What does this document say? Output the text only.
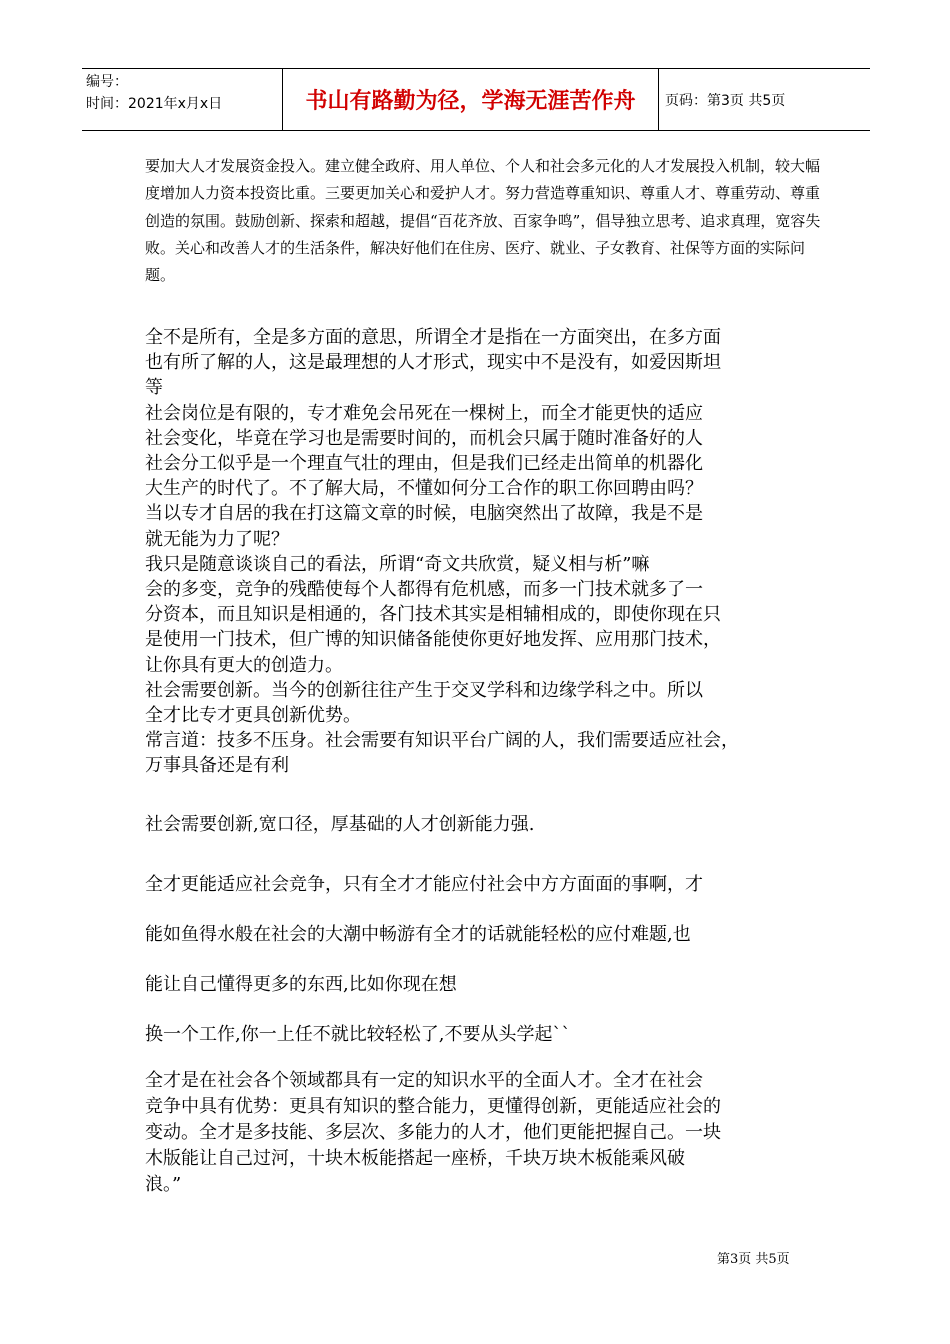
编号：
时间：2021年x月x日	书山有路勤为径，学海无涯苦作舟	页码：第3页 共5页

要加大人才发展资金投入。建立健全政府、用人单位、个人和社会多元化的人才发展投入机制，较大幅度增加人力资本投资比重。三要更加关心和爱护人才。努力营造尊重知识、尊重人才、尊重劳动、尊重创造的氛围。鼓励创新、探索和超越，提倡“百花齐放、百家争鸣”，倡导独立思考、追求真理，宽容失败。关心和改善人才的生活条件，解决好他们在住房、医疗、就业、子女教育、社保等方面的实际问题。

全不是所有，全是多方面的意思，所谓全才是指在一方面突出，在多方面
也有所了解的人，这是最理想的人才形式，现实中不是没有，如爱因斯坦
等
社会岗位是有限的，专才难免会吊死在一棵树上，而全才能更快的适应
社会变化，毕竟在学习也是需要时间的，而机会只属于随时准备好的人
社会分工似乎是一个理直气壮的理由，但是我们已经走出简单的机器化
大生产的时代了。不了解大局，不懂如何分工合作的职工你回聘由吗？
当以专才自居的我在打这篇文章的时候，电脑突然出了故障，我是不是
就无能为力了呢？
我只是随意谈谈自己的看法，所谓“奇文共欣赏，疑义相与析”嘛
会的多变，竞争的残酷使每个人都得有危机感，而多一门技术就多了一
分资本，而且知识是相通的，各门技术其实是相辅相成的，即使你现在只
是使用一门技术，但广博的知识储备能使你更好地发挥、应用那门技术，
让你具有更大的创造力。
社会需要创新。当今的创新往往产生于交叉学科和边缘学科之中。所以
全才比专才更具创新优势。
常言道：技多不压身。社会需要有知识平台广阔的人，我们需要适应社会，
万事具备还是有利
社会需要创新,宽口径，厚基础的人才创新能力强.
全才更能适应社会竞争，只有全才才能应付社会中方方面面的事啊，才
能如鱼得水般在社会的大潮中畅游有全才的话就能轻松的应付难题,也
能让自己懂得更多的东西,比如你现在想
换一个工作,你一上任不就比较轻松了,不要从头学起``
全才是在社会各个领域都具有一定的知识水平的全面人才。全才在社会
竞争中具有优势：更具有知识的整合能力，更懂得创新，更能适应社会的
变动。全才是多技能、多层次、多能力的人才，他们更能把握自己。一块
木版能让自己过河，十块木板能搭起一座桥，千块万块木板能乘风破
浪。”
第3页 共5页
